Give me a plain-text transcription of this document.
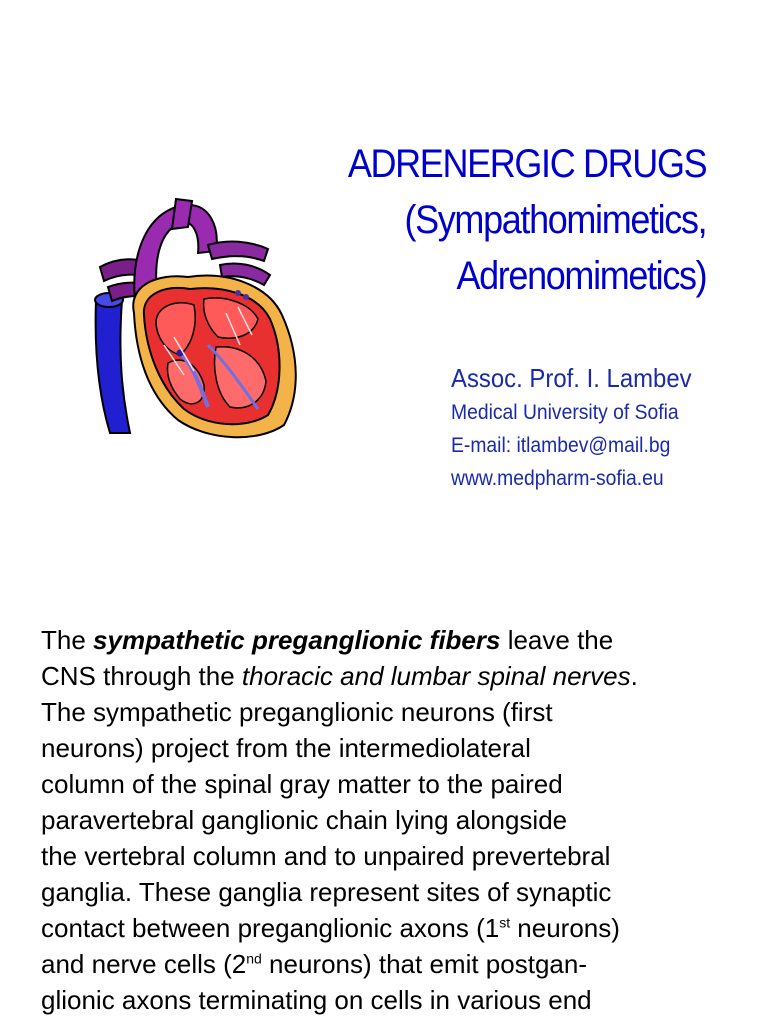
ADRENERGIC DRUGS
(Sympathomimetics,
Adrenomimetics)
Assoc. Prof. I. Lambev
Medical University of Sofia
E-mail: itlambev@mail.bg
www.medpharm-sofia.eu
The sympathetic preganglionic fibers leave the
CNS through the thoracic and lumbar spinal nerves.
The sympathetic preganglionic neurons (first
neurons) project from the intermediolateral
column of the spinal gray matter to the paired
paravertebral ganglionic chain lying alongside
the vertebral column and to unpaired prevertebral
ganglia. These ganglia represent sites of synaptic
contact between preganglionic axons (1st neurons)
and nerve cells (2nd neurons) that emit postgan-
glionic axons terminating on cells in various end
